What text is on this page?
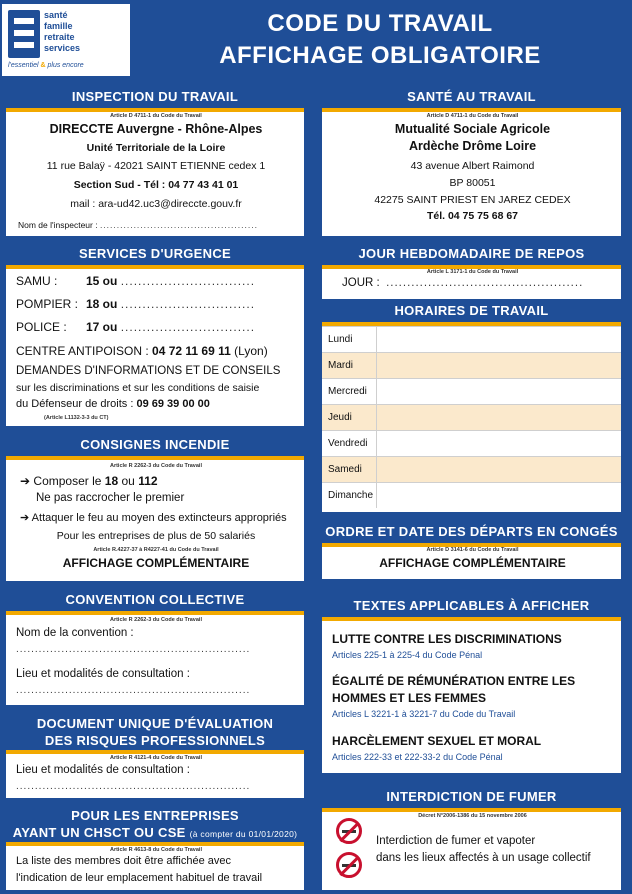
santé
famille
retraite
services
l'essentiel & plus encore
CODE DU TRAVAIL
AFFICHAGE OBLIGATOIRE
INSPECTION DU TRAVAIL
Article D 4711-1 du Code du Travail
DIRECCTE Auvergne - Rhône-Alpes
Unité Territoriale de la Loire
11 rue Balaÿ - 42021 SAINT ETIENNE cedex 1
Section Sud - Tél : 04 77 43 41 01
mail : ara-ud42.uc3@direccte.gouv.fr
Nom de l'inspecteur : ...............................................
SERVICES D'URGENCE
SAMU : 15 ou ...............................
POMPIER : 18 ou ...............................
POLICE : 17 ou ...............................
CENTRE ANTIPOISON : 04 72 11 69 11 (Lyon)
DEMANDES D'INFORMATIONS ET DE CONSEILS
sur les discriminations et sur les conditions de saisie
du Défenseur de droits : 09 69 39 00 00
(Article L1132-3-3 du CT)
CONSIGNES INCENDIE
Article R 2262-3 du Code du Travail
➔ Composer le 18 ou 112
Ne pas raccrocher le premier
➔ Attaquer le feu au moyen des extincteurs appropriés
Pour les entreprises de plus de 50 salariés
Article R.4227-37 à R4227-41 du Code du Travail
AFFICHAGE COMPLÉMENTAIRE
CONVENTION COLLECTIVE
Article R 2262-3 du Code du Travail
Nom de la convention :
..............................................................
Lieu et modalités de consultation :
..............................................................
DOCUMENT UNIQUE D'ÉVALUATION
DES RISQUES PROFESSIONNELS
Article R 4121-4 du Code du Travail
Lieu et modalités de consultation :
..............................................................
POUR LES ENTREPRISES
AYANT UN CHSCT OU CSE (à compter du 01/01/2020)
Article R 4613-8 du Code du Travail
La liste des membres doit être affichée avec
l'indication de leur emplacement habituel de travail
SANTÉ AU TRAVAIL
Article D 4711-1 du Code du Travail
Mutualité Sociale Agricole
Ardèche Drôme Loire
43 avenue Albert Raimond
BP 80051
42275 SAINT PRIEST EN JAREZ CEDEX
Tél. 04 75 75 68 67
JOUR HEBDOMADAIRE DE REPOS
Article L 3171-1 du Code du Travail
JOUR : ...............................................
HORAIRES DE TRAVAIL
Lundi
Mardi
Mercredi
Jeudi
Vendredi
Samedi
Dimanche
ORDRE ET DATE DES DÉPARTS EN CONGÉS
Article D 3141-6 du Code du Travail
AFFICHAGE COMPLÉMENTAIRE
TEXTES APPLICABLES À AFFICHER
LUTTE CONTRE LES DISCRIMINATIONS
Articles 225-1 à 225-4 du Code Pénal
ÉGALITÉ DE RÉMUNÉRATION ENTRE LES
HOMMES ET LES FEMMES
Articles L 3221-1 à 3221-7 du Code du Travail
HARCÈLEMENT SEXUEL ET MORAL
Articles 222-33 et 222-33-2 du Code Pénal
INTERDICTION DE FUMER
Décret N°2006-1386 du 15 novembre 2006
Interdiction de fumer et vapoter
dans les lieux affectés à un usage collectif
